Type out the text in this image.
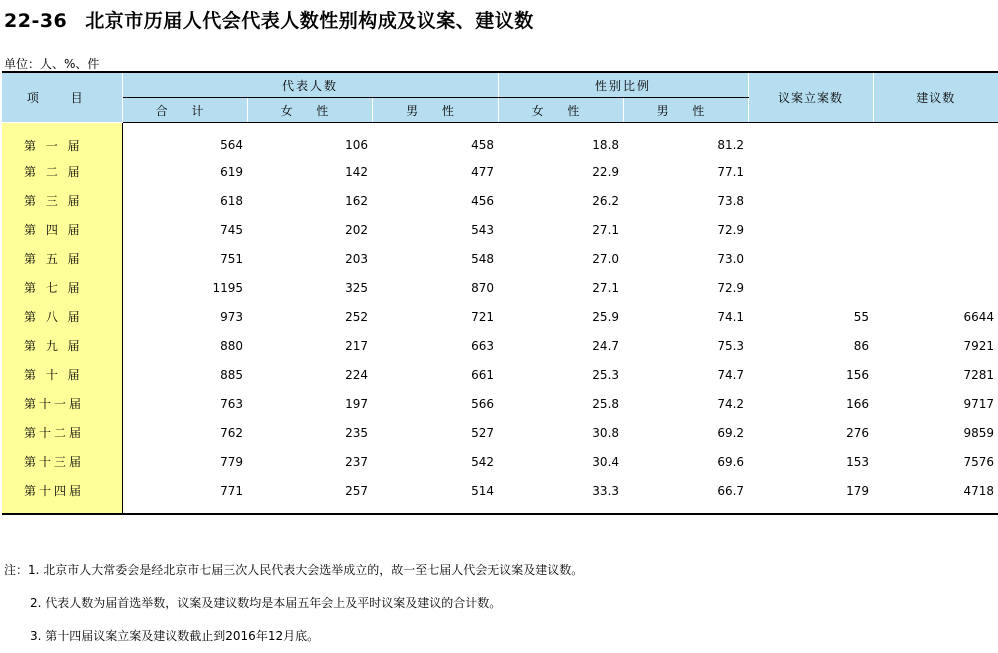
22-36 北京市历届人代会代表人数性别构成及议案、建议数
单位：人、%、件
项 目	代表人数			性别比例		议案立案数	建议数
	合 计	女 性	男 性	女 性	男 性		
第 一 届	564	106	458	18.8	81.2		
第 二 届	619	142	477	22.9	77.1		
第 三 届	618	162	456	26.2	73.8		
第 四 届	745	202	543	27.1	72.9		
第 五 届	751	203	548	27.0	73.0		
第 七 届	1195	325	870	27.1	72.9		
第 八 届	973	252	721	25.9	74.1	55	6644
第 九 届	880	217	663	24.7	75.3	86	7921
第 十 届	885	224	661	25.3	74.7	156	7281
第十一届	763	197	566	25.8	74.2	166	9717
第十二届	762	235	527	30.8	69.2	276	9859
第十三届	779	237	542	30.4	69.6	153	7576
第十四届	771	257	514	33.3	66.7	179	4718
注：1. 北京市人大常委会是经北京市七届三次人民代表大会选举成立的，故一至七届人代会无议案及建议数。
2. 代表人数为届首选举数，议案及建议数均是本届五年会上及平时议案及建议的合计数。
3. 第十四届议案立案及建议数截止到2016年12月底。
